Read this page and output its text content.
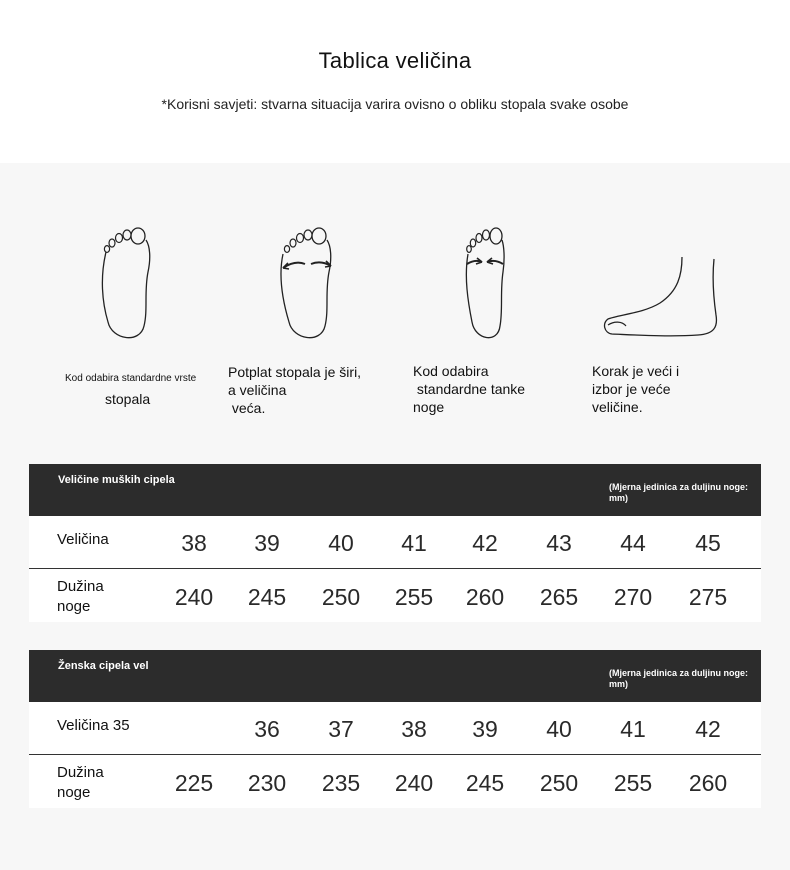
Tablica veličina
*Korisni savjeti: stvarna situacija varira ovisno o obliku stopala svake osobe
Kod odabira standardne vrste
stopala
Potplat stopala je širi,
a veličina
veća.
Kod odabira
standardne tanke
noge
Korak je veći i
izbor je veće
veličine.
Veličine muških cipela
(Mjerna jedinica za duljinu noge: mm)
Veličina	38	39	40	41	42	43	44	45
Dužina
noge	240	245	250	255	260	265	270	275
Ženska cipela vel
(Mjerna jedinica za duljinu noge: mm)
Veličina 35	36	37	38	39	40	41	42
Dužina
noge	225	230	235	240	245	250	255	260
